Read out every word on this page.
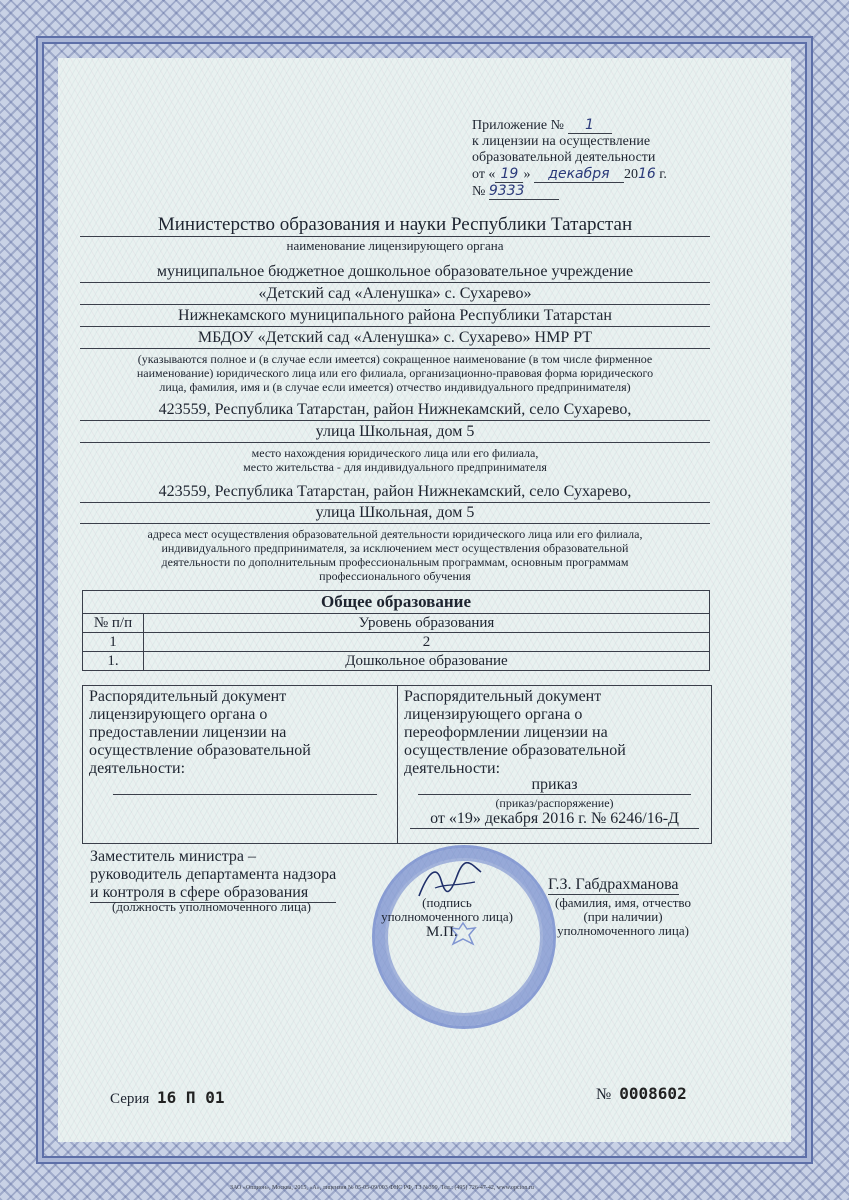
Приложение № 1
к лицензии на осуществление
образовательной деятельности
от « 19 » декабря 2016 г.
№ 9333
Министерство образования и науки Республики Татарстан
наименование лицензирующего органа
муниципальное бюджетное дошкольное образовательное учреждение
«Детский сад «Аленушка» с. Сухарево»
Нижнекамского муниципального района Республики Татарстан
МБДОУ «Детский сад «Аленушка» с. Сухарево» НМР РТ
(указываются полное и (в случае если имеется) сокращенное наименование (в том числе фирменное
наименование) юридического лица или его филиала, организационно-правовая форма юридического
лица, фамилия, имя и (в случае если имеется) отчество индивидуального предпринимателя)
423559, Республика Татарстан, район Нижнекамский, село Сухарево,
улица Школьная, дом 5
место нахождения юридического лица или его филиала,
место жительства - для индивидуального предпринимателя
423559, Республика Татарстан, район Нижнекамский, село Сухарево,
улица Школьная, дом 5
адреса мест осуществления образовательной деятельности юридического лица или его филиала,
индивидуального предпринимателя, за исключением мест осуществления образовательной
деятельности по дополнительным профессиональным программам, основным программам
профессионального обучения
Общее образование	
№ п/п	Уровень образования
1	2
1.	Дошкольное образование
Распорядительный документ
лицензирующего органа о
предоставлении лицензии на
осуществление образовательной
деятельности:
Распорядительный документ
лицензирующего органа о
переоформлении лицензии на
осуществление образовательной
деятельности:
приказ
(приказ/распоряжение)
от «19» декабря 2016 г. № 6246/16-Д
Заместитель министра –
руководитель департамента надзора
и контроля в сфере образования
(должность уполномоченного лица)	(подпись
уполномоченного лица)
М.П.
Г.З. Габдрахманова
(фамилия, имя, отчество
(при наличии)
уполномоченного лица)
Серия 16 П 01	№ 0008602
ЗАО «Опцион», Москва, 2015, «А», лицензия № 05-05-09/003 ФНС РФ, ТЗ №399, Тел.: (495) 726-47-42, www.opcion.ru
